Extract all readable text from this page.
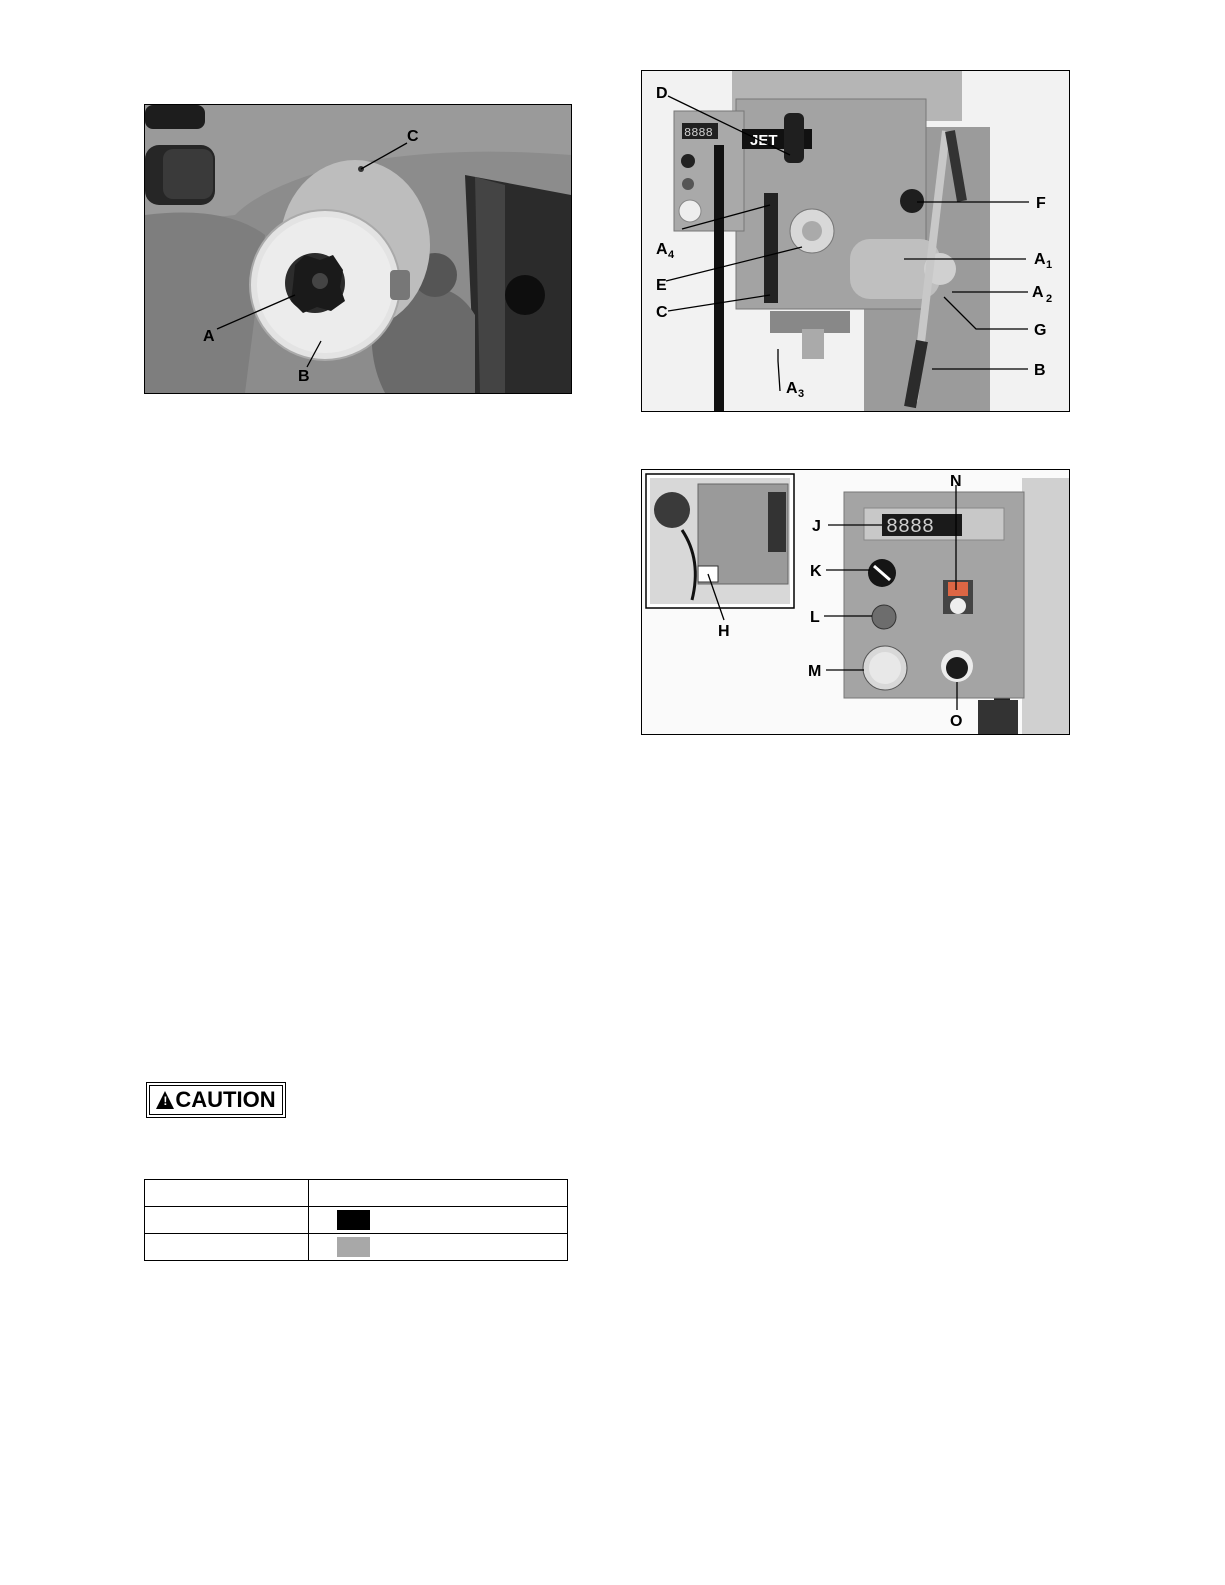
C
A
B
8888 JET
D
A 4
E
C
A 3
F
A 1
A 2
G
B
8888
N
J
K
L
M
O
H
! CAUTION
